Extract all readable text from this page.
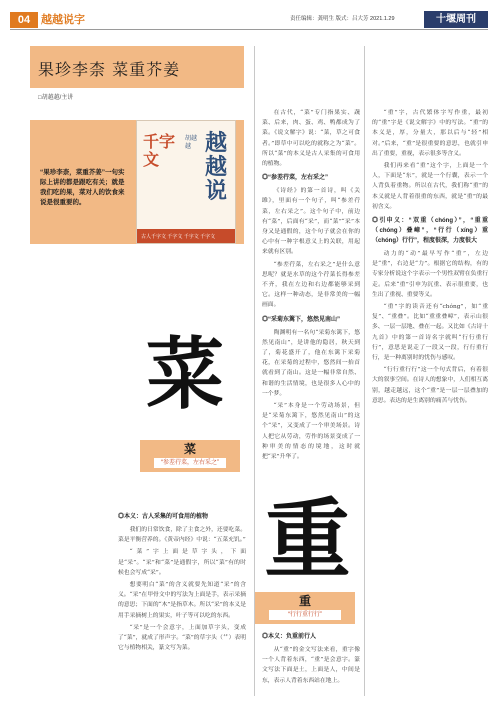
04 越越说字	责任编辑：龚明生 版式：吕大芳 2021.1.29	十堰周刊
果珍李柰 菜重芥姜
□胡越越/主讲
“果珍李柰，菜重芥姜”一句实际上讲的都是跟吃有关；就是我们吃的果，菜对人的饮食来说是很重要的。
千字文
胡越越 越越说
古人千字文 千字文 千字文 千字文
菜
菜
“参差荇菜，左右采之”
重
重
“行行重行行”
◎本义：古人采集的可食用的植物

我们的日常饮食，除了主食之外，还要吃菜。菜是平衡营养的。《黄帝内经》中说：“五菜充饥。”

“菜”字上面是草字头，下面是“采”。“采”和“菜”是通假字，所以“菜”有的时候也会写成“采”。

想要明白“菜”的含义就要先知道“采”的含义。“采”在甲骨文中的写法为上面是手，表示采摘的意思；下面的“木”是指草木。所以“采”的本义是用手采摘树上的果实，叶子等可以吃的东西。

“采”是一个会意字，上面加草字头，变成了“菜”，就成了形声字。“菜”的草字头（艹）表明它与植物相关，篆文写为菜。

在古代，“菜”专门指果实、蔬菜、后来，肉、蛋、鸡、鸭都成为了菜。《说文解字》说：“菜，草之可食者。”即草中可以吃的就称之为“菜”。所以“菜”的本义是古人采集的可食用的植物。

◎“参差荇菜，左右采之”

《诗经》的第一首诗，叫《关雎》，里面有一个句子，叫“参差荇菜，左右采之”。这个句子中，前边有“菜”，后面有“采”，而“菜”“采”本身又是通假的，这个句子就会在你的心中有一种字根意义上的关联，用起来就有区别。

“参差荇菜，左右采之”是什么意思呢？就是水草的这个荇菜长得参差不齐，我在左边和右边都能够采到它。这样一种动态，是非常美的一幅画面。

◎“采菊东篱下，悠然见南山”

陶渊明有一名句“采菊东篱下，悠然见南山”，是讲他的隐居，秋天到了，菊花盛开了，他在东篱下采菊花，在采菊的过程中，悠然间一抬首就看到了南山。这是一幅非常自然、和谐的生活情境，也是很多人心中的一个梦。

“采”本身是一个劳动场景，但是“采菊东篱下，悠然见南山”的这个“采”，又变成了一个审美场景。诗人把它从劳动，劳作的场景变成了一种审美的情态的境地，这时就把“采”升华了。

“重”字，古代繁体字写作重，最初的“重”字是《说文解字》中的写法。“重”的本义是，厚，分量大，那以后与“轻”相对。”后来，“重”是很重要的意思，也就引申出了重要，重视，表示很多等含义。

我们再来看“重”这个字，上面是一个人，下面是“东”，就是一个行囊，表示一个人背负着重物。所以在古代，我们称“重”的本义就是人背着很重的东西，就是“重”的最初含义。

◎引申义：“双重（chóng）”，“重重（chóng）叠嶂”，“行行（xíng）重（chóng）行行”，程度很深，力度很大

动力的“动”最早写作“重”，左边是“重”，右边是“力”。根据它的结构，有的专家分析说这个字表示一个男性双臂在负重行走。后来“重”引申为沉重、表示很重要，也生出了重视、重要等义。

“重”字的读音还有“chóng”，如“重复”、“重叠”。比如“重重叠嶂”，表示山很多、一层一层地、叠在一起。又比如《古诗十九首》中的第一首诗名字就叫“行行重行行”，意思是说走了一段又一段，行行重行行，是一种离别时的忧伤与感叹。

“行行重行行”这一个句式背后，有着很大的叙事空间。在诗人的想象中，人们相互离别，越走越远，这个“重”是一层一层叠加的意思。表达的是生离别的痛苦与忧伤。

◎本义：负重前行人

从“重”的金文写法来看，重字像一个人背着东西，“重”是会意字。篆文写法下面是土，上面是人，中间是东，表示人背着东西站在地上。
